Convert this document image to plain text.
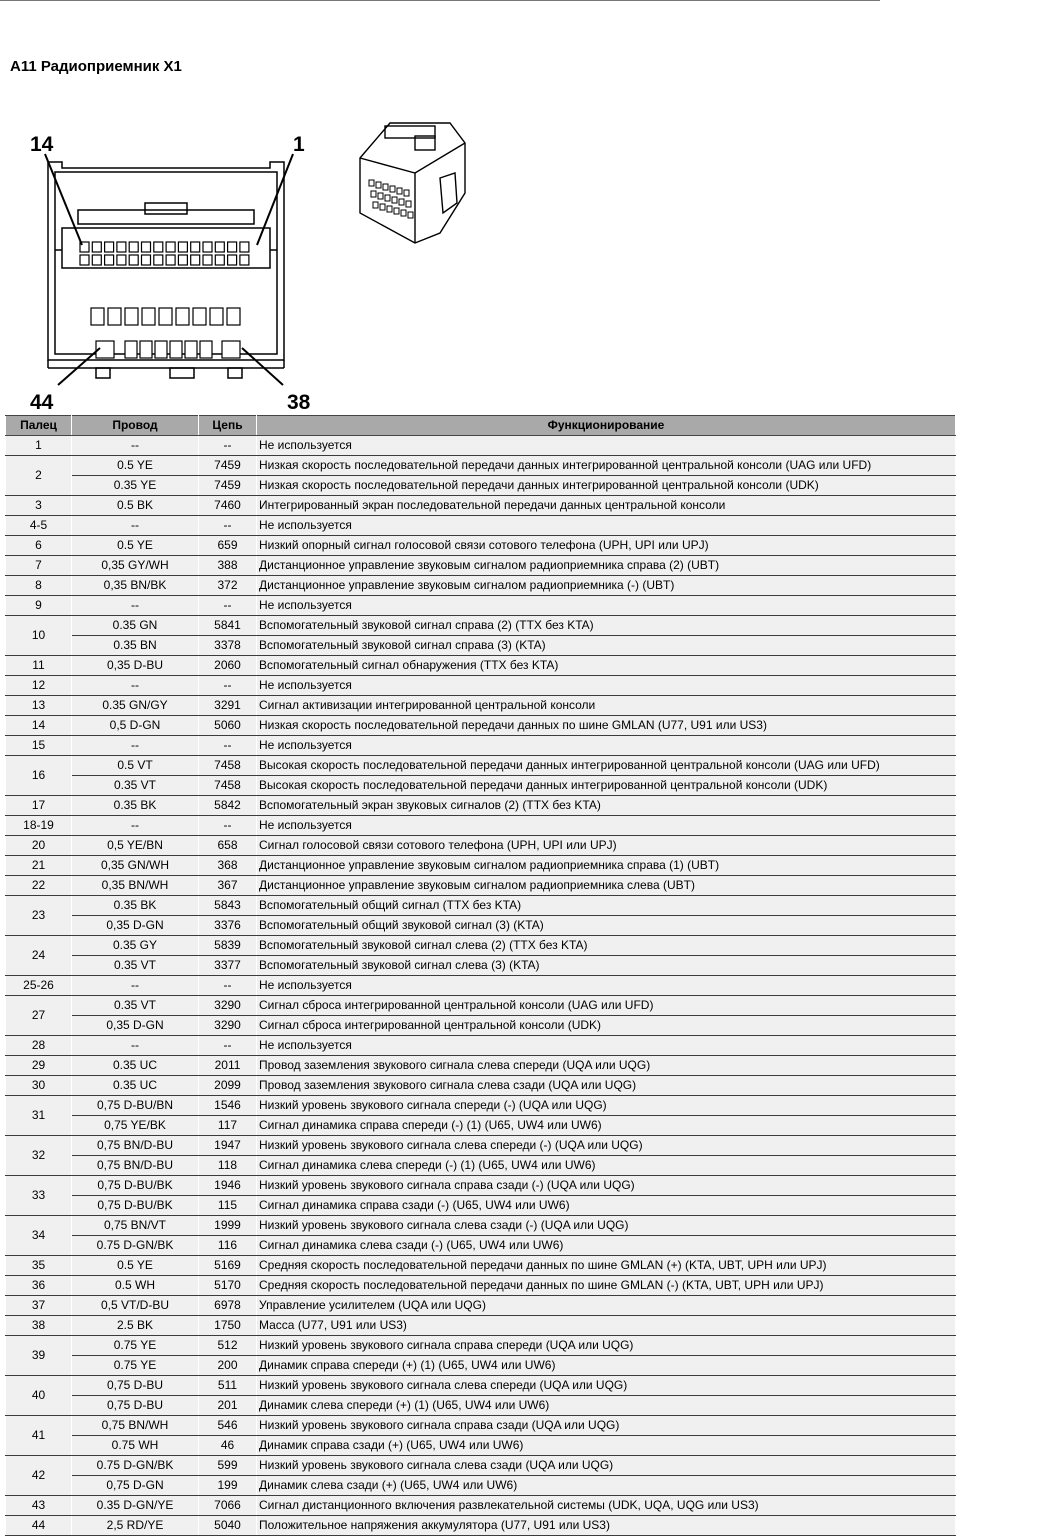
A11 Радиоприемник X1
14	1
44	38
Палец	Провод	Цепь	Функционирование
1	--	--	Не используется
2	0.5 YE	7459	Низкая скорость последовательной передачи данных интегрированной центральной консоли (UAG или UFD)
	0.35 YE	7459	Низкая скорость последовательной передачи данных интегрированной центральной консоли (UDK)
3	0.5 BK	7460	Интегрированный экран последовательной передачи данных центральной консоли
4-5	--	--	Не используется
6	0.5 YE	659	Низкий опорный сигнал голосовой связи сотового телефона (UPH, UPI или UPJ)
7	0,35 GY/WH	388	Дистанционное управление звуковым сигналом радиоприемника справа (2) (UBT)
8	0,35 BN/BK	372	Дистанционное управление звуковым сигналом радиоприемника (-) (UBT)
9	--	--	Не используется
10	0.35 GN	5841	Вспомогательный звуковой сигнал справа (2) (TTX без KTA)
	0.35 BN	3378	Вспомогательный звуковой сигнал справа (3) (KTA)
11	0,35 D-BU	2060	Вспомогательный сигнал обнаружения (TTX без KTA)
12	--	--	Не используется
13	0.35 GN/GY	3291	Сигнал активизации интегрированной центральной консоли
14	0,5 D-GN	5060	Низкая скорость последовательной передачи данных по шине GMLAN (U77, U91 или US3)
15	--	--	Не используется
16	0.5 VT	7458	Высокая скорость последовательной передачи данных интегрированной центральной консоли (UAG или UFD)
	0.35 VT	7458	Высокая скорость последовательной передачи данных интегрированной центральной консоли (UDK)
17	0.35 BK	5842	Вспомогательный экран звуковых сигналов (2) (TTX без KTA)
18-19	--	--	Не используется
20	0,5 YE/BN	658	Сигнал голосовой связи сотового телефона (UPH, UPI или UPJ)
21	0,35 GN/WH	368	Дистанционное управление звуковым сигналом радиоприемника справа (1) (UBT)
22	0,35 BN/WH	367	Дистанционное управление звуковым сигналом радиоприемника слева (UBT)
23	0.35 BK	5843	Вспомогательный общий сигнал (TTX без KTA)
	0,35 D-GN	3376	Вспомогательный общий звуковой сигнал (3) (KTA)
24	0.35 GY	5839	Вспомогательный звуковой сигнал слева (2) (TTX без KTA)
	0.35 VT	3377	Вспомогательный звуковой сигнал слева (3) (KTA)
25-26	--	--	Не используется
27	0.35 VT	3290	Сигнал сброса интегрированной центральной консоли (UAG или UFD)
	0,35 D-GN	3290	Сигнал сброса интегрированной центральной консоли (UDK)
28	--	--	Не используется
29	0.35 UC	2011	Провод заземления звукового сигнала слева спереди (UQA или UQG)
30	0.35 UC	2099	Провод заземления звукового сигнала слева сзади (UQA или UQG)
31	0,75 D-BU/BN	1546	Низкий уровень звукового сигнала спереди (-) (UQA или UQG)
	0,75 YE/BK	117	Сигнал динамика справа спереди (-) (1) (U65, UW4 или UW6)
32	0,75 BN/D-BU	1947	Низкий уровень звукового сигнала слева спереди (-) (UQA или UQG)
	0,75 BN/D-BU	118	Сигнал динамика слева спереди (-) (1) (U65, UW4 или UW6)
33	0,75 D-BU/BK	1946	Низкий уровень звукового сигнала справа сзади (-) (UQA или UQG)
	0,75 D-BU/BK	115	Сигнал динамика справа сзади (-) (U65, UW4 или UW6)
34	0,75 BN/VT	1999	Низкий уровень звукового сигнала слева сзади (-) (UQA или UQG)
	0.75 D-GN/BK	116	Сигнал динамика слева сзади (-) (U65, UW4 или UW6)
35	0.5 YE	5169	Средняя скорость последовательной передачи данных по шине GMLAN (+) (KTA, UBT, UPH или UPJ)
36	0.5 WH	5170	Средняя скорость последовательной передачи данных по шине GMLAN (-) (KTA, UBT, UPH или UPJ)
37	0,5 VT/D-BU	6978	Управление усилителем (UQA или UQG)
38	2.5 BK	1750	Масса (U77, U91 или US3)
39	0.75 YE	512	Низкий уровень звукового сигнала справа спереди (UQA или UQG)
	0.75 YE	200	Динамик справа спереди (+) (1) (U65, UW4 или UW6)
40	0,75 D-BU	511	Низкий уровень звукового сигнала слева спереди (UQA или UQG)
	0,75 D-BU	201	Динамик слева спереди (+) (1) (U65, UW4 или UW6)
41	0,75 BN/WH	546	Низкий уровень звукового сигнала справа сзади (UQA или UQG)
	0.75 WH	46	Динамик справа сзади (+) (U65, UW4 или UW6)
42	0.75 D-GN/BK	599	Низкий уровень звукового сигнала слева сзади (UQA или UQG)
	0,75 D-GN	199	Динамик слева сзади (+) (U65, UW4 или UW6)
43	0.35 D-GN/YE	7066	Сигнал дистанционного включения развлекательной системы (UDK, UQA, UQG или US3)
44	2,5 RD/YE	5040	Положительное напряжения аккумулятора (U77, U91 или US3)
